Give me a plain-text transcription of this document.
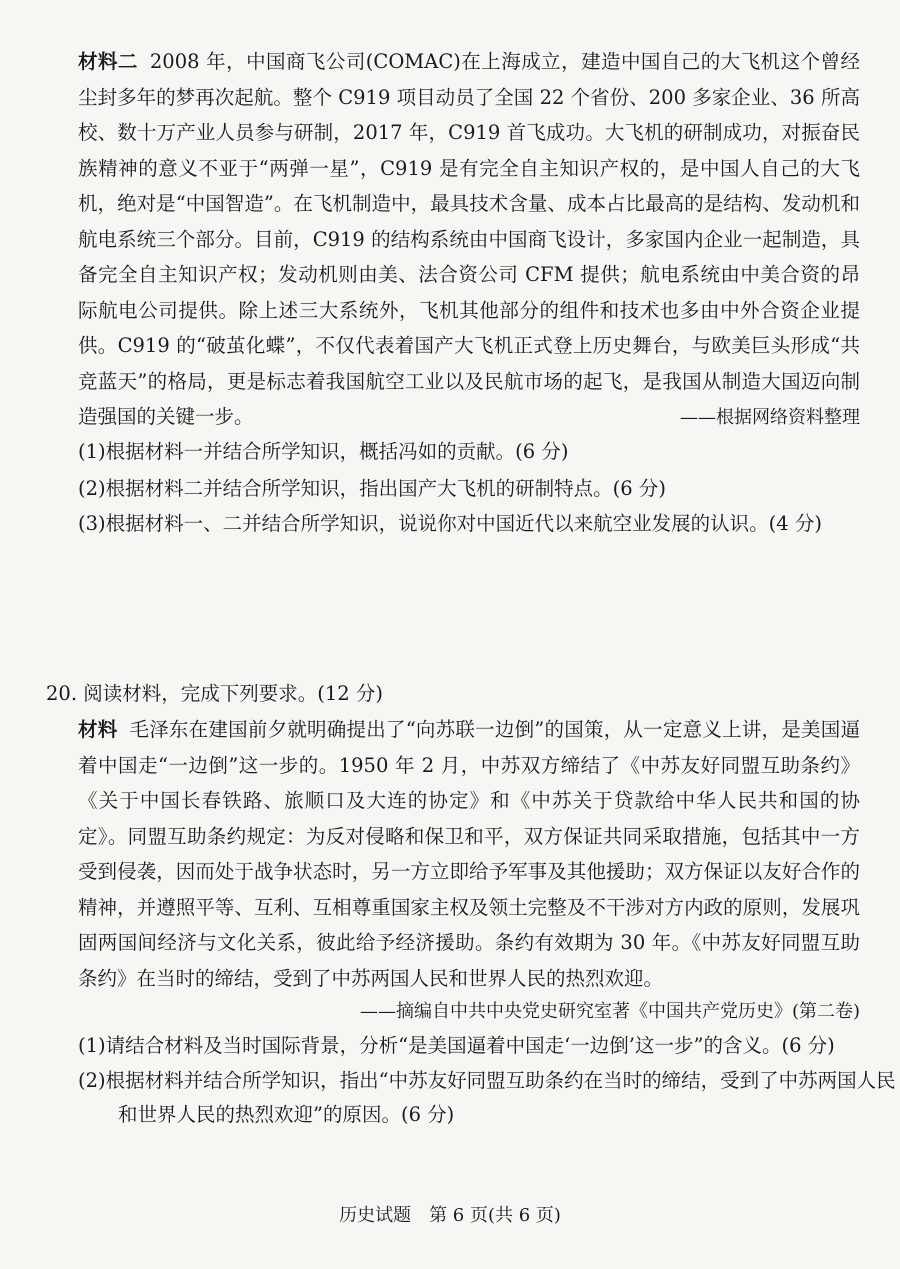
材料二 2008 年，中国商飞公司(COMAC)在上海成立，建造中国自己的大飞机这个曾经尘封多年的梦再次起航。整个 C919 项目动员了全国 22 个省份、200 多家企业、36 所高校、数十万产业人员参与研制，2017 年，C919 首飞成功。大飞机的研制成功，对振奋民族精神的意义不亚于“两弹一星”，C919 是有完全自主知识产权的，是中国人自己的大飞机，绝对是“中国智造”。在飞机制造中，最具技术含量、成本占比最高的是结构、发动机和航电系统三个部分。目前，C919 的结构系统由中国商飞设计，多家国内企业一起制造，具备完全自主知识产权；发动机则由美、法合资公司 CFM 提供；航电系统由中美合资的昂际航电公司提供。除上述三大系统外，飞机其他部分的组件和技术也多由中外合资企业提供。C919 的“破茧化蝶”，不仅代表着国产大飞机正式登上历史舞台，与欧美巨头形成“共竞蓝天”的格局，更是标志着我国航空工业以及民航市场的起飞，是我国从制造大国迈向制造强国的关键一步。	——根据网络资料整理

(1)根据材料一并结合所学知识，概括冯如的贡献。(6 分)

(2)根据材料二并结合所学知识，指出国产大飞机的研制特点。(6 分)

(3)根据材料一、二并结合所学知识，说说你对中国近代以来航空业发展的认识。(4 分)

20. 阅读材料，完成下列要求。(12 分)

材料 毛泽东在建国前夕就明确提出了“向苏联一边倒”的国策，从一定意义上讲，是美国逼着中国走“一边倒”这一步的。1950 年 2 月，中苏双方缔结了《中苏友好同盟互助条约》《关于中国长春铁路、旅顺口及大连的协定》和《中苏关于贷款给中华人民共和国的协定》。同盟互助条约规定：为反对侵略和保卫和平，双方保证共同采取措施，包括其中一方受到侵袭，因而处于战争状态时，另一方立即给予军事及其他援助；双方保证以友好合作的精神，并遵照平等、互利、互相尊重国家主权及领土完整及不干涉对方内政的原则，发展巩固两国间经济与文化关系，彼此给予经济援助。条约有效期为 30 年。《中苏友好同盟互助条约》在当时的缔结，受到了中苏两国人民和世界人民的热烈欢迎。

——摘编自中共中央党史研究室著《中国共产党历史》(第二卷)

(1)请结合材料及当时国际背景，分析“是美国逼着中国走‘一边倒’这一步”的含义。(6 分)

(2)根据材料并结合所学知识，指出“中苏友好同盟互助条约在当时的缔结，受到了中苏两国人民和世界人民的热烈欢迎”的原因。(6 分)

历史试题　第 6 页(共 6 页)
